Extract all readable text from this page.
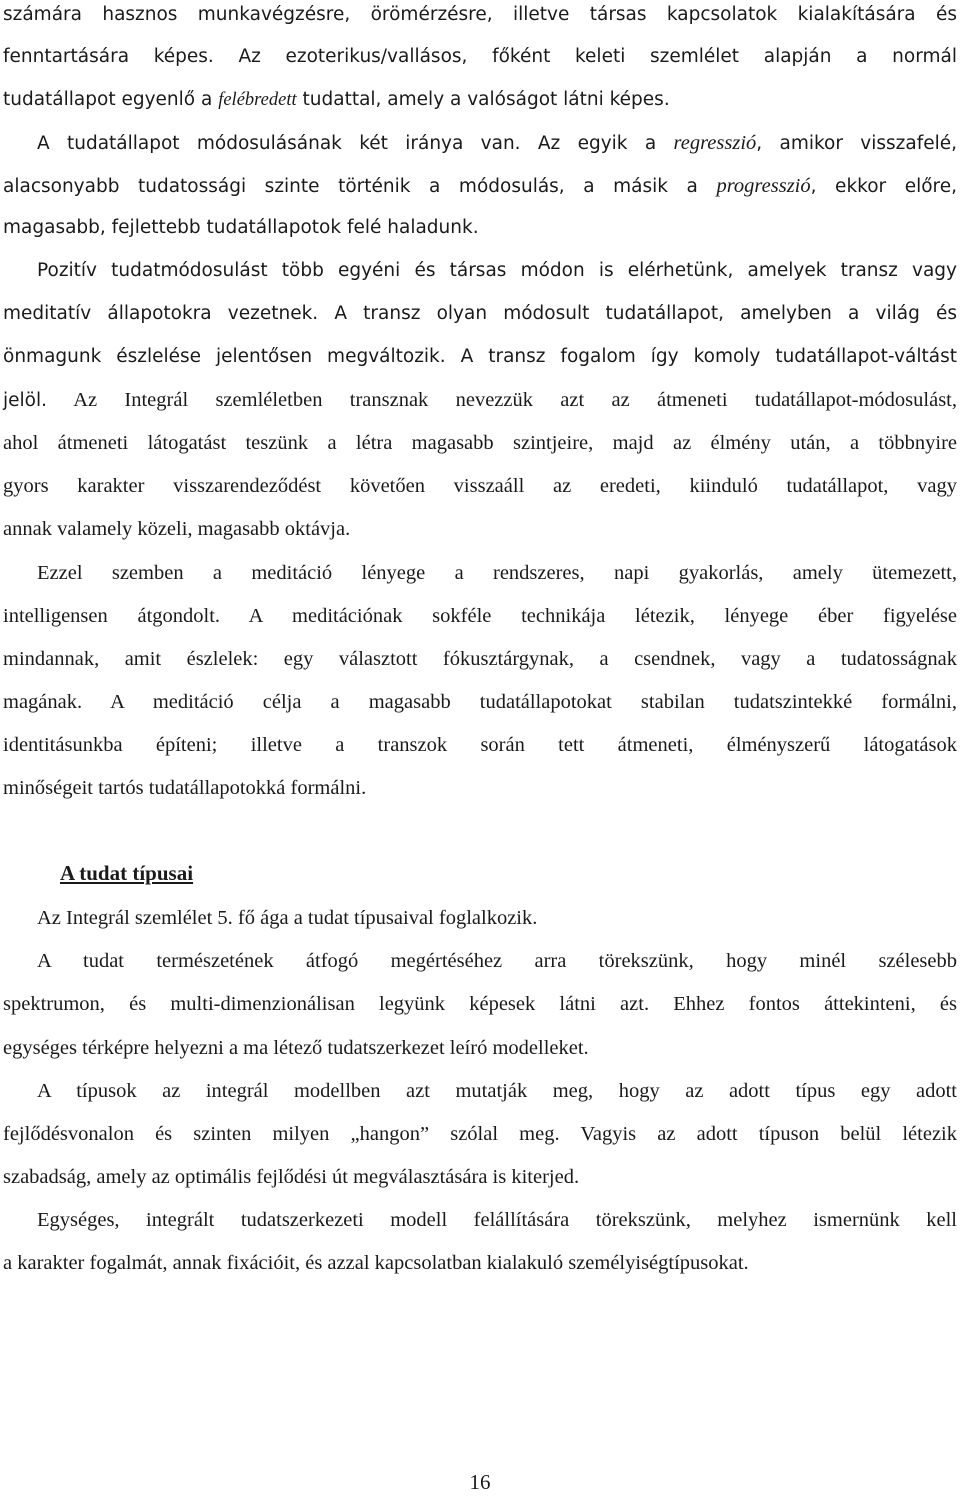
számára hasznos munkavégzésre, örömérzésre, illetve társas kapcsolatok kialakítására és
fenntartására képes. Az ezoterikus/vallásos, főként keleti szemlélet alapján a normál
tudatállapot egyenlő a felébredett tudattal, amely a valóságot látni képes.
A tudatállapot módosulásának két iránya van. Az egyik a regresszió, amikor visszafelé,
alacsonyabb tudatossági szinte történik a módosulás, a másik a progresszió, ekkor előre,
magasabb, fejlettebb tudatállapotok felé haladunk.
Pozitív tudatmódosulást több egyéni és társas módon is elérhetünk, amelyek transz vagy
meditatív állapotokra vezetnek. A transz olyan módosult tudatállapot, amelyben a világ és
önmagunk észlelése jelentősen megváltozik. A transz fogalom így komoly tudatállapot-váltást
jelöl. Az Integrál szemléletben transznak nevezzük azt az átmeneti tudatállapot-módosulást,
ahol átmeneti látogatást teszünk a létra magasabb szintjeire, majd az élmény után, a többnyire
gyors karakter visszarendeződést követően visszaáll az eredeti, kiinduló tudatállapot, vagy
annak valamely közeli, magasabb oktávja.
Ezzel szemben a meditáció lényege a rendszeres, napi gyakorlás, amely ütemezett,
intelligensen átgondolt. A meditációnak sokféle technikája létezik, lényege éber figyelése
mindannak, amit észlelek: egy választott fókusztárgynak, a csendnek, vagy a tudatosságnak
magának. A meditáció célja a magasabb tudatállapotokat stabilan tudatszintekké formálni,
identitásunkba építeni; illetve a transzok során tett átmeneti, élményszerű látogatások
minőségeit tartós tudatállapotokká formálni.
A tudat típusai
Az Integrál szemlélet 5. fő ága a tudat típusaival foglalkozik.
A tudat természetének átfogó megértéséhez arra törekszünk, hogy minél szélesebb
spektrumon, és multi-dimenzionálisan legyünk képesek látni azt. Ehhez fontos áttekinteni, és
egységes térképre helyezni a ma létező tudatszerkezet leíró modelleket.
A típusok az integrál modellben azt mutatják meg, hogy az adott típus egy adott
fejlődésvonalon és szinten milyen „hangon” szólal meg. Vagyis az adott típuson belül létezik
szabadság, amely az optimális fejlődési út megválasztására is kiterjed.
Egységes, integrált tudatszerkezeti modell felállítására törekszünk, melyhez ismernünk kell
a karakter fogalmát, annak fixációit, és azzal kapcsolatban kialakuló személyiségtípusokat.
16
